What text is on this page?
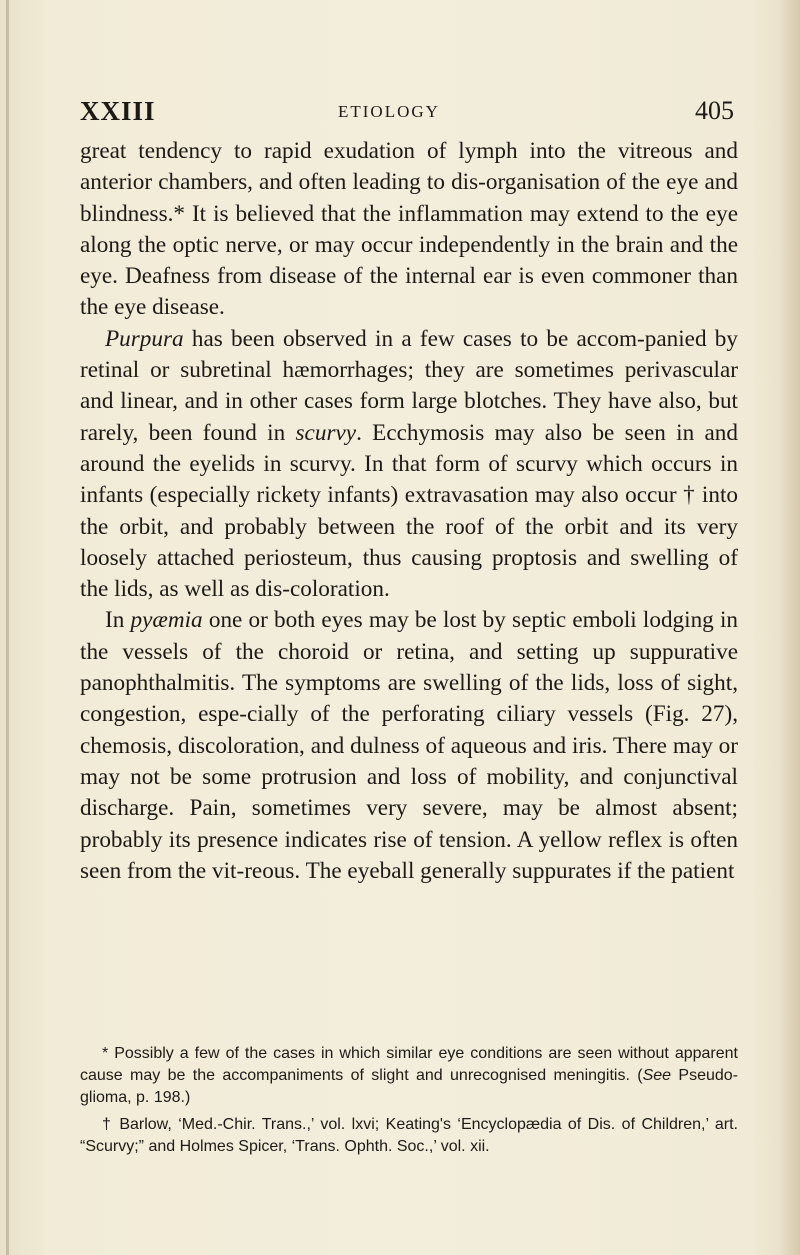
XXIII	ETIOLOGY	405

great tendency to rapid exudation of lymph into the vitreous and anterior chambers, and often leading to dis-organisation of the eye and blindness.* It is believed that the inflammation may extend to the eye along the optic nerve, or may occur independently in the brain and the eye. Deafness from disease of the internal ear is even commoner than the eye disease.

Purpura has been observed in a few cases to be accom-panied by retinal or subretinal hæmorrhages; they are sometimes perivascular and linear, and in other cases form large blotches. They have also, but rarely, been found in scurvy. Ecchymosis may also be seen in and around the eyelids in scurvy. In that form of scurvy which occurs in infants (especially rickety infants) extravasation may also occur † into the orbit, and probably between the roof of the orbit and its very loosely attached periosteum, thus causing proptosis and swelling of the lids, as well as dis-coloration.

In pyæmia one or both eyes may be lost by septic emboli lodging in the vessels of the choroid or retina, and setting up suppurative panophthalmitis. The symptoms are swelling of the lids, loss of sight, congestion, espe-cially of the perforating ciliary vessels (Fig. 27), chemosis, discoloration, and dulness of aqueous and iris. There may or may not be some protrusion and loss of mobility, and conjunctival discharge. Pain, sometimes very severe, may be almost absent; probably its presence indicates rise of tension. A yellow reflex is often seen from the vit-reous. The eyeball generally suppurates if the patient

* Possibly a few of the cases in which similar eye conditions are seen without apparent cause may be the accompaniments of slight and unrecognised meningitis. (See Pseudo-glioma, p. 198.)

† Barlow, ‘Med.-Chir. Trans.,’ vol. lxvi; Keating's ‘Encyclopædia of Dis. of Children,’ art. “Scurvy;” and Holmes Spicer, ‘Trans. Ophth. Soc.,’ vol. xii.
